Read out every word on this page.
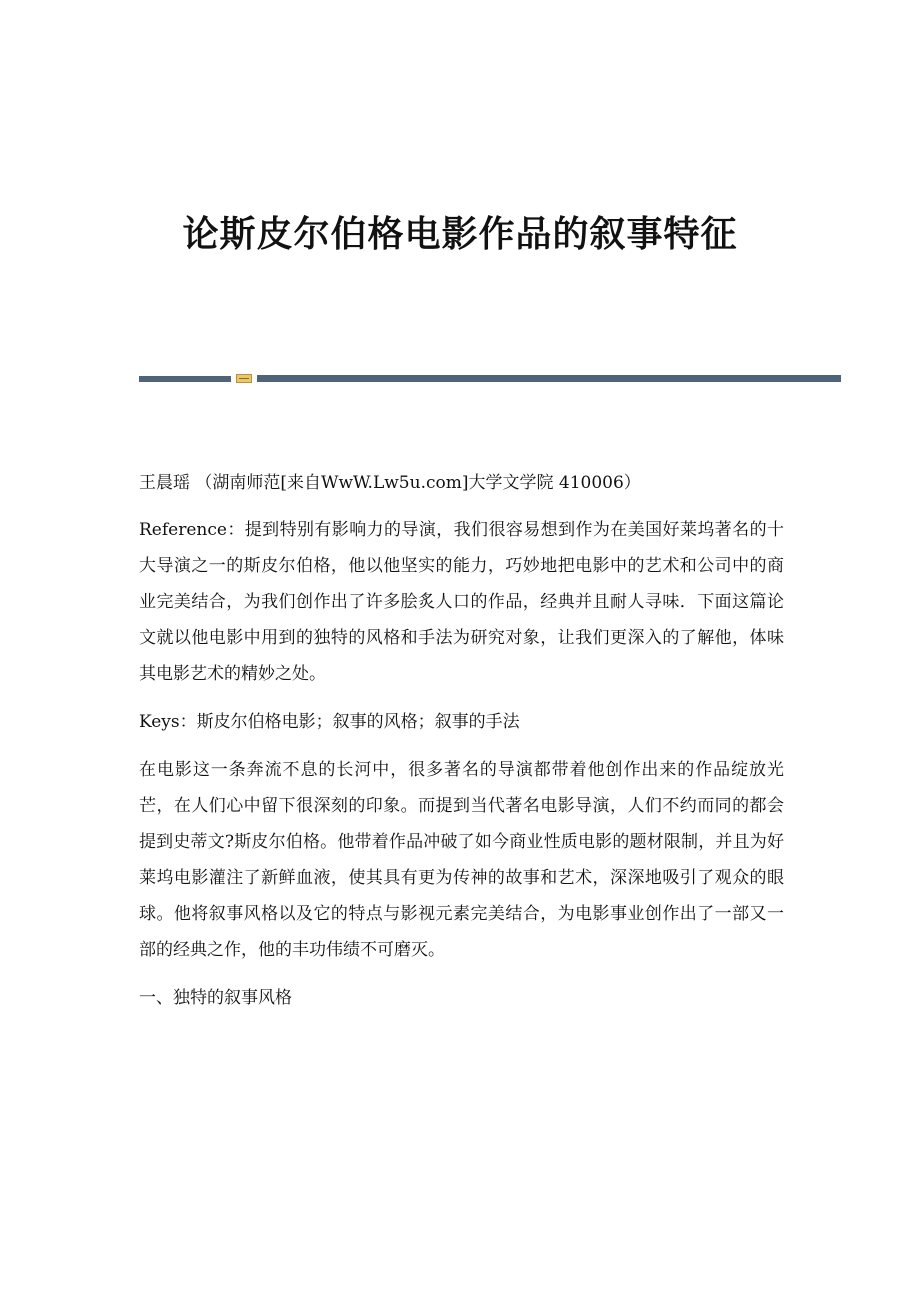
论斯皮尔伯格电影作品的叙事特征

王晨瑶 （湖南师范[来自WwW.Lw5u.com]大学文学院 410006）

Reference：提到特别有影响力的导演，我们很容易想到作为在美国好莱坞著名的十大导演之一的斯皮尔伯格，他以他坚实的能力，巧妙地把电影中的艺术和公司中的商业完美结合，为我们创作出了许多脍炙人口的作品，经典并且耐人寻味．下面这篇论文就以他电影中用到的独特的风格和手法为研究对象，让我们更深入的了解他，体味其电影艺术的精妙之处。

Keys：斯皮尔伯格电影；叙事的风格；叙事的手法

在电影这一条奔流不息的长河中，很多著名的导演都带着他创作出来的作品绽放光芒，在人们心中留下很深刻的印象。而提到当代著名电影导演，人们不约而同的都会提到史蒂文?斯皮尔伯格。他带着作品冲破了如今商业性质电影的题材限制，并且为好莱坞电影灌注了新鲜血液，使其具有更为传神的故事和艺术，深深地吸引了观众的眼球。他将叙事风格以及它的特点与影视元素完美结合，为电影事业创作出了一部又一部的经典之作，他的丰功伟绩不可磨灭。

一、独特的叙事风格
